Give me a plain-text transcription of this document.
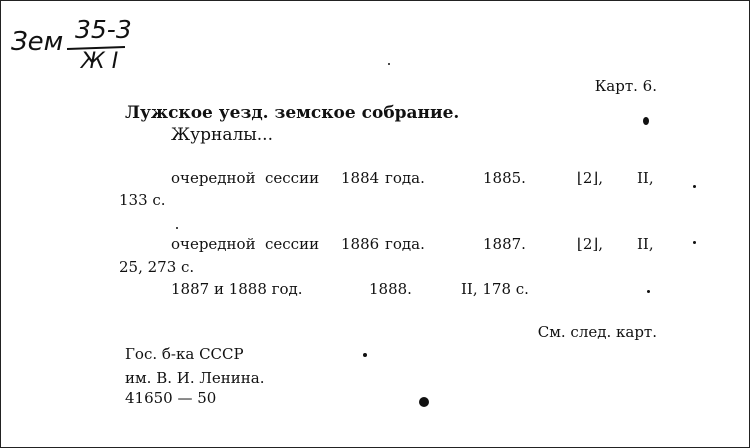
Зем 35-3
Ж I
Карт. 6.
Лужское уезд. земское собрание.
Журналы...
очередной сессии 1884 года.	1885.	⌊2⌋, II,
133 с.
очередной сессии 1886 года.	1887.	⌊2⌋, II,
25, 273 с.
1887 и 1888 год.	1888.	II, 178 с.
См. след. карт.
Гос. б-ка СССР
им. В. И. Ленина.
41650 — 50
